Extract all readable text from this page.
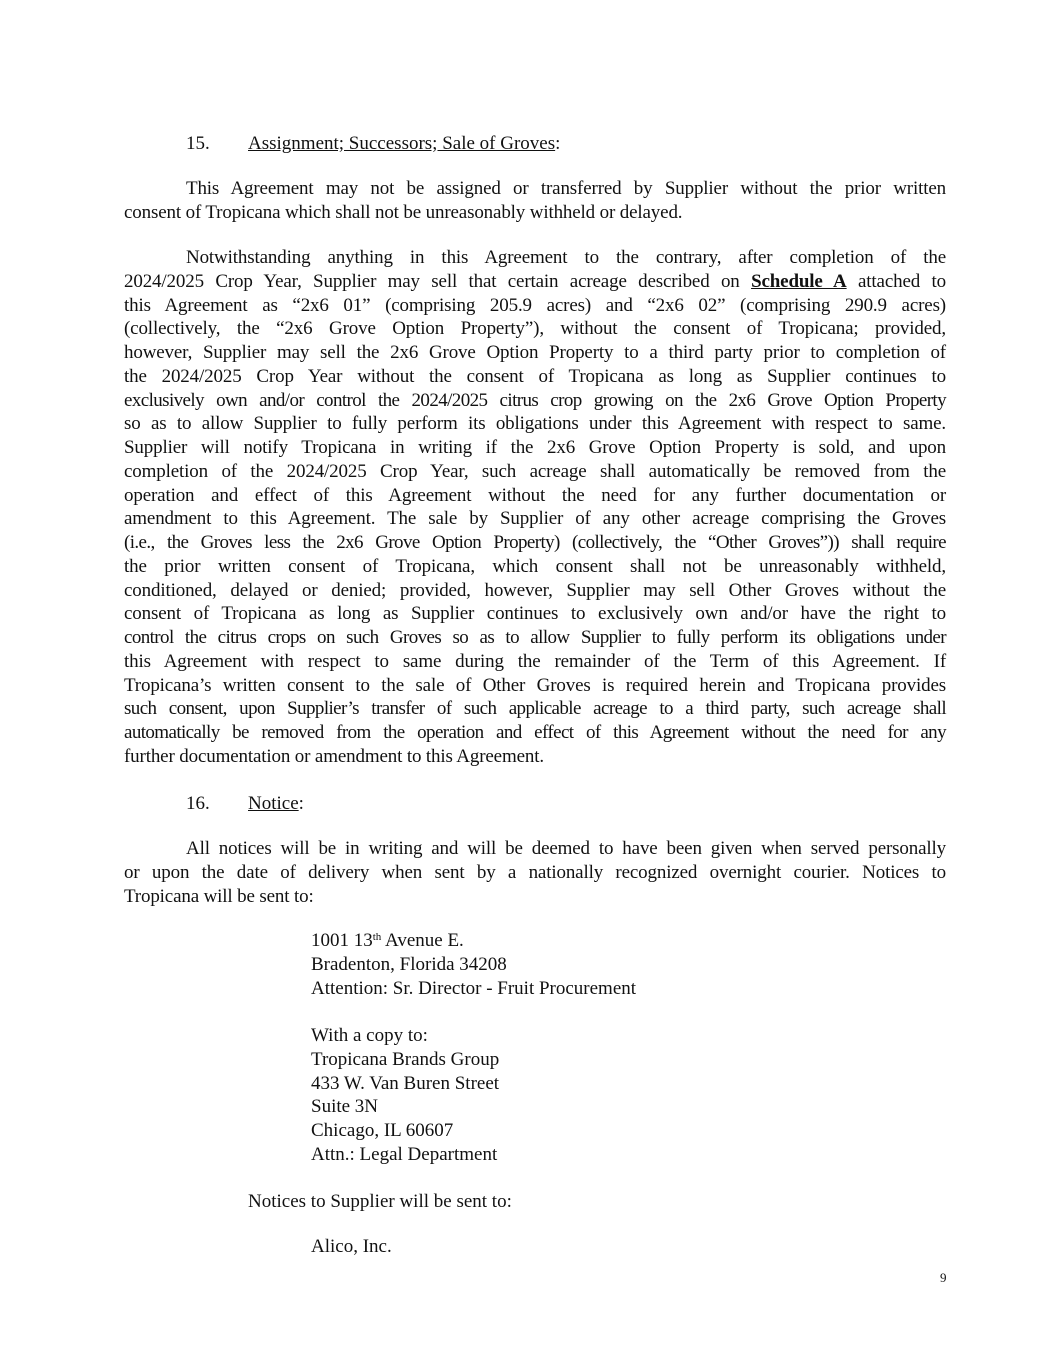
15. Assignment; Successors; Sale of Groves:
This Agreement may not be assigned or transferred by Supplier without the prior written
consent of Tropicana which shall not be unreasonably withheld or delayed.
Notwithstanding anything in this Agreement to the contrary, after completion of the
2024/2025 Crop Year, Supplier may sell that certain acreage described on Schedule A attached to
this Agreement as “2x6 01” (comprising 205.9 acres) and “2x6 02” (comprising 290.9 acres)
(collectively, the “2x6 Grove Option Property”), without the consent of Tropicana; provided,
however, Supplier may sell the 2x6 Grove Option Property to a third party prior to completion of
the 2024/2025 Crop Year without the consent of Tropicana as long as Supplier continues to
exclusively own and/or control the 2024/2025 citrus crop growing on the 2x6 Grove Option Property
so as to allow Supplier to fully perform its obligations under this Agreement with respect to same.
Supplier will notify Tropicana in writing if the 2x6 Grove Option Property is sold, and upon
completion of the 2024/2025 Crop Year, such acreage shall automatically be removed from the
operation and effect of this Agreement without the need for any further documentation or
amendment to this Agreement. The sale by Supplier of any other acreage comprising the Groves
(i.e., the Groves less the 2x6 Grove Option Property) (collectively, the “Other Groves”)) shall require
the prior written consent of Tropicana, which consent shall not be unreasonably withheld,
conditioned, delayed or denied; provided, however, Supplier may sell Other Groves without the
consent of Tropicana as long as Supplier continues to exclusively own and/or have the right to
control the citrus crops on such Groves so as to allow Supplier to fully perform its obligations under
this Agreement with respect to same during the remainder of the Term of this Agreement. If
Tropicana’s written consent to the sale of Other Groves is required herein and Tropicana provides
such consent, upon Supplier’s transfer of such applicable acreage to a third party, such acreage shall
automatically be removed from the operation and effect of this Agreement without the need for any
further documentation or amendment to this Agreement.
16. Notice:
All notices will be in writing and will be deemed to have been given when served personally
or upon the date of delivery when sent by a nationally recognized overnight courier. Notices to
Tropicana will be sent to:
1001 13th Avenue E.
Bradenton, Florida 34208
Attention: Sr. Director - Fruit Procurement
With a copy to:
Tropicana Brands Group
433 W. Van Buren Street
Suite 3N
Chicago, IL 60607
Attn.: Legal Department
Notices to Supplier will be sent to:
Alico, Inc.
9
